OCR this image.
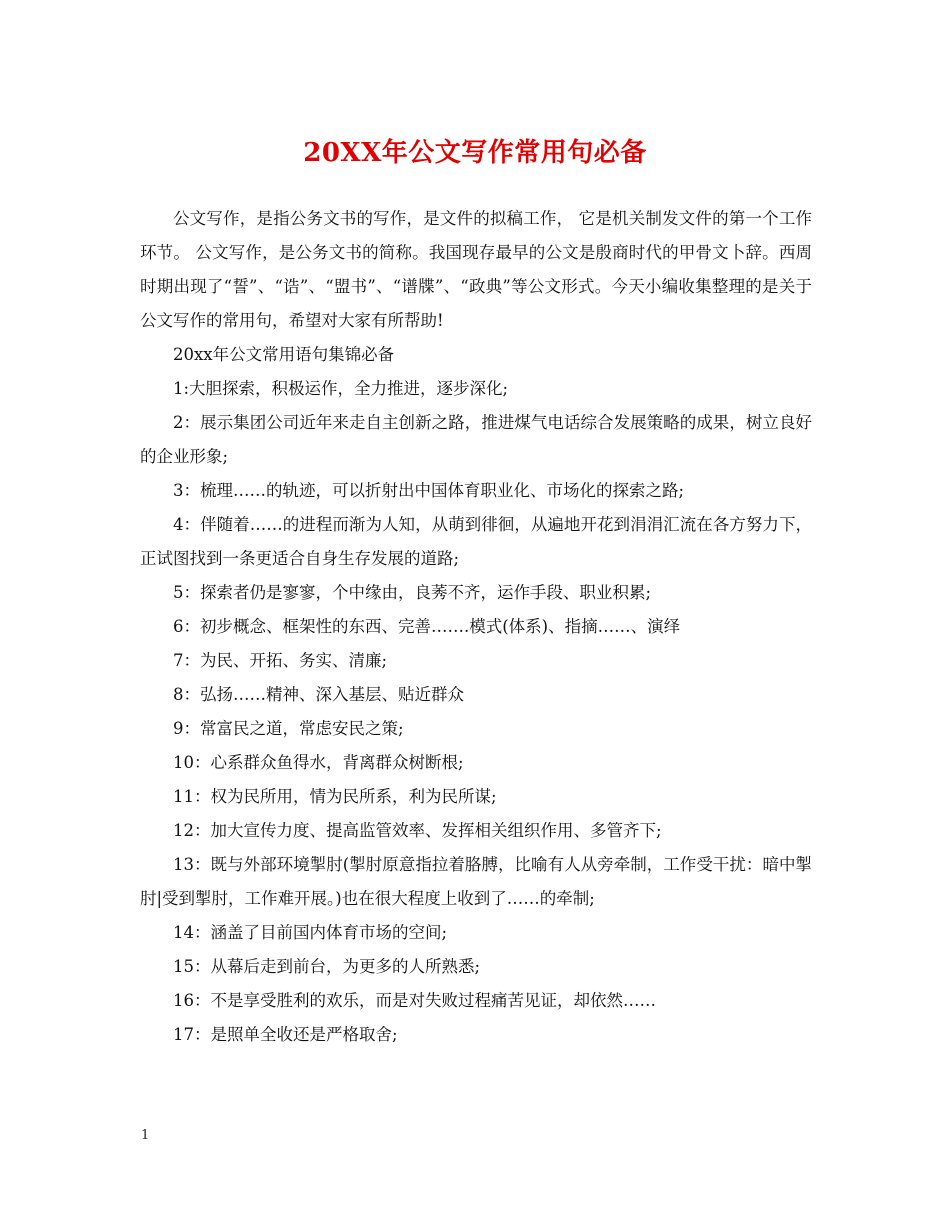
20XX年公文写作常用句必备

公文写作，是指公务文书的写作，是文件的拟稿工作， 它是机关制发文件的第一个工作环节。 公文写作，是公务文书的简称。我国现存最早的公文是殷商时代的甲骨文卜辞。西周时期出现了“誓”、“诰”、“盟书”、“谱牒”、“政典”等公文形式。今天小编收集整理的是关于公文写作的常用句，希望对大家有所帮助!

20xx年公文常用语句集锦必备

1:大胆探索，积极运作，全力推进，逐步深化;

2：展示集团公司近年来走自主创新之路，推进煤气电话综合发展策略的成果，树立良好的企业形象;

3：梳理……的轨迹，可以折射出中国体育职业化、市场化的探索之路;

4：伴随着……的进程而渐为人知，从萌到徘徊，从遍地开花到涓涓汇流在各方努力下，正试图找到一条更适合自身生存发展的道路;

5：探索者仍是寥寥，个中缘由，良莠不齐，运作手段、职业积累;

6：初步概念、框架性的东西、完善…….模式(体系)、指摘……、演绎

7：为民、开拓、务实、清廉;

8：弘扬……精神、深入基层、贴近群众

9：常富民之道，常虑安民之策;

10：心系群众鱼得水，背离群众树断根;

11：权为民所用，情为民所系，利为民所谋;

12：加大宣传力度、提高监管效率、发挥相关组织作用、多管齐下;

13：既与外部环境掣肘(掣肘原意指拉着胳膊，比喻有人从旁牵制，工作受干扰：暗中掣肘|受到掣肘，工作难开展。)也在很大程度上收到了……的牵制;

14：涵盖了目前国内体育市场的空间;

15：从幕后走到前台，为更多的人所熟悉;

16：不是享受胜利的欢乐，而是对失败过程痛苦见证，却依然……

17：是照单全收还是严格取舍;

1
